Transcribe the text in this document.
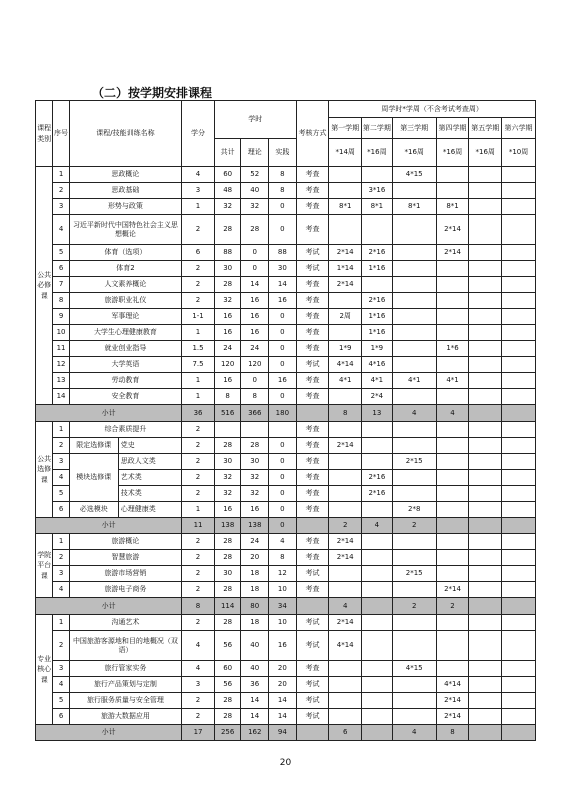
（二）按学期安排课程
课程类别	序号	课程/技能训练名称		学分	学时			考核方式	周学时*学周（不含考试考查周）					
									第一学期	第二学期	第三学期	第四学期	第五学期	第六学期
					共计	理论	实践		*14周	*16周	*16周	*16周	*16周	*10周
公共必修课	1	思政概论		4	60	52	8	考查			4*15			
	2	思政基础		3	48	40	8	考查		3*16				
	3	形势与政策		1	32	32	0	考查	8*1	8*1	8*1	8*1		
	4	习近平新时代中国特色社会主义思想概论		2	28	28	0	考查				2*14		
	5	体育（选项）		6	88	0	88	考试	2*14	2*16		2*14		
	6	体育2		2	30	0	30	考试	1*14	1*16				
	7	人文素养概论		2	28	14	14	考查	2*14					
	8	旅游职业礼仪		2	32	16	16	考查		2*16				
	9	军事理论		1-1	16	16	0	考查	2周	1*16				
	10	大学生心理健康教育		1	16	16	0	考查		1*16				
	11	就业创业指导		1.5	24	24	0	考查	1*9	1*9		1*6		
	12	大学英语		7.5	120	120	0	考试	4*14	4*16				
	13	劳动教育		1	16	0	16	考查	4*1	4*1	4*1	4*1		
	14	安全教育		1	8	8	0	考查		2*4				
小计				36	516	366	180		8	13	4	4		
公共选修课	1	综合素质提升		2				考查						
	2	限定选修课	党史	2	28	28	0	考查	2*14					
	3	模块选修课	思政人文类	2	30	30	0	考查			2*15			
	4		艺术类	2	32	32	0	考查		2*16				
	5		技术类	2	32	32	0	考查		2*16				
	6	必选模块	心理健康类	1	16	16	0	考查			2*8			
小计				11	138	138	0		2	4	2			
学院平台课	1	旅游概论		2	28	24	4	考查	2*14					
	2	智慧旅游		2	28	20	8	考查	2*14					
	3	旅游市场营销		2	30	18	12	考试			2*15			
	4	旅游电子商务		2	28	18	10	考查				2*14		
小计				8	114	80	34		4		2	2		
专业核心课	1	沟通艺术		2	28	18	10	考试	2*14					
	2	中国旅游客源地和目的地概况（双语）		4	56	40	16	考试	4*14					
	3	旅行管家实务		4	60	40	20	考查			4*15			
	4	旅行产品策划与定制		3	56	36	20	考试				4*14		
	5	旅行服务质量与安全管理		2	28	14	14	考试				2*14		
	6	旅游大数据应用		2	28	14	14	考试				2*14		
小计				17	256	162	94		6		4	8		
20
